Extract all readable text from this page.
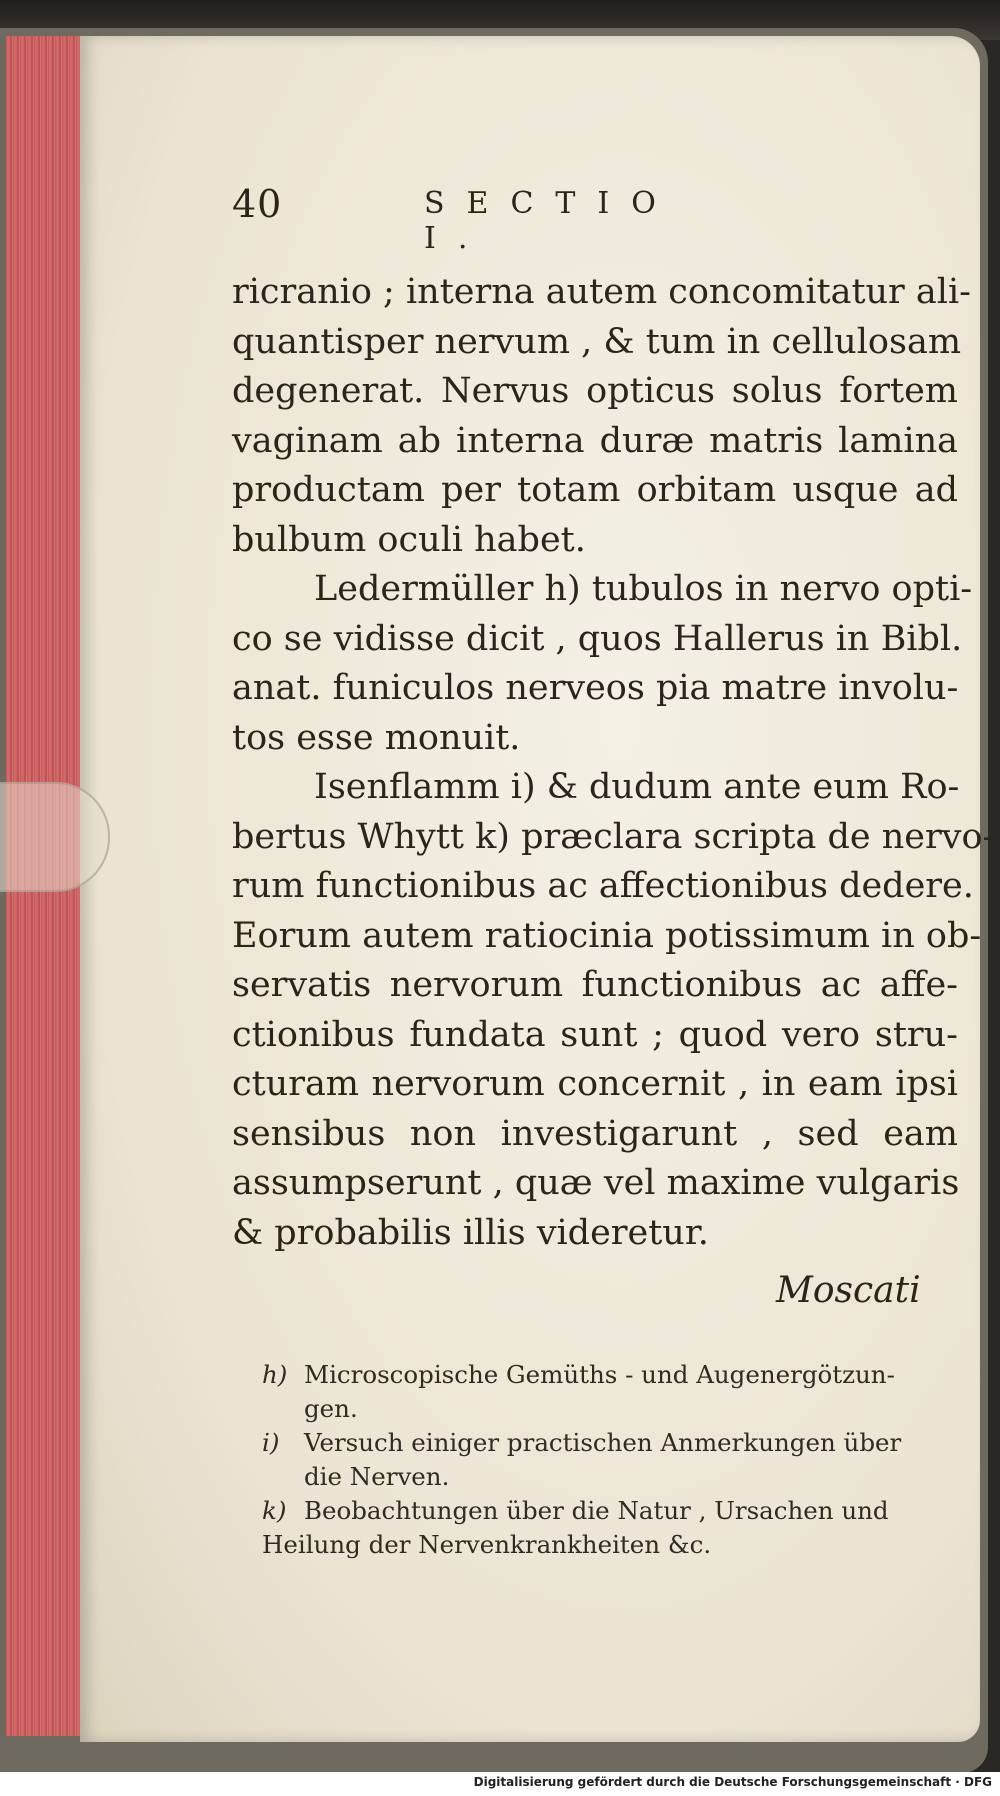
40	SECTIO I.
ricranio ; interna autem concomitatur ali-
quantisper nervum , & tum in cellulosam
degenerat. Nervus opticus solus fortem
vaginam ab interna duræ matris lamina
productam per totam orbitam usque ad
bulbum oculi habet.
Ledermüller h) tubulos in nervo opti-
co se vidisse dicit , quos Hallerus in Bibl.
anat. funiculos nerveos pia matre involu-
tos esse monuit.
Isenflamm i) & dudum ante eum Ro-
bertus Whytt k) præclara scripta de nervo-
rum functionibus ac affectionibus dedere.
Eorum autem ratiocinia potissimum in ob-
servatis nervorum functionibus ac affe-
ctionibus fundata sunt ; quod vero stru-
cturam nervorum concernit , in eam ipsi
sensibus non investigarunt , sed eam
assumpserunt , quæ vel maxime vulgaris
& probabilis illis videretur.
Moscati
h) Microscopische Gemüths - und Augenergötzun-
gen.
i) Versuch einiger practischen Anmerkungen über
die Nerven.
k) Beobachtungen über die Natur , Ursachen und
Heilung der Nervenkrankheiten &c.
Digitalisierung gefördert durch die Deutsche Forschungsgemeinschaft · DFG
